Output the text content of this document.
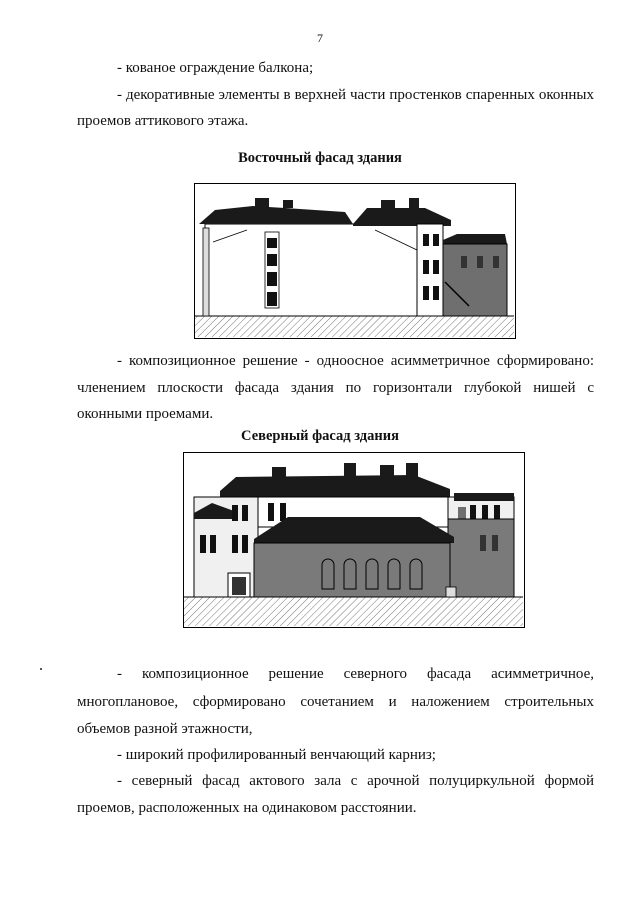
7

- кованое ограждение балкона;

- декоративные элементы в верхней части простенков спаренных оконных

проемов аттикового этажа.

Восточный фасад здания

- композиционное решение - одноосное асимметричное сформировано:

членением плоскости фасада здания по горизонтали глубокой нишей с

оконными проемами.

Северный фасад здания

- композиционное решение северного фасада асимметричное,

многоплановое, сформировано сочетанием и наложением строительных

объемов разной этажности,

- широкий профилированный венчающий карниз;

- северный фасад актового зала с арочной полуциркульной формой

проемов, расположенных на одинаковом расстоянии.
